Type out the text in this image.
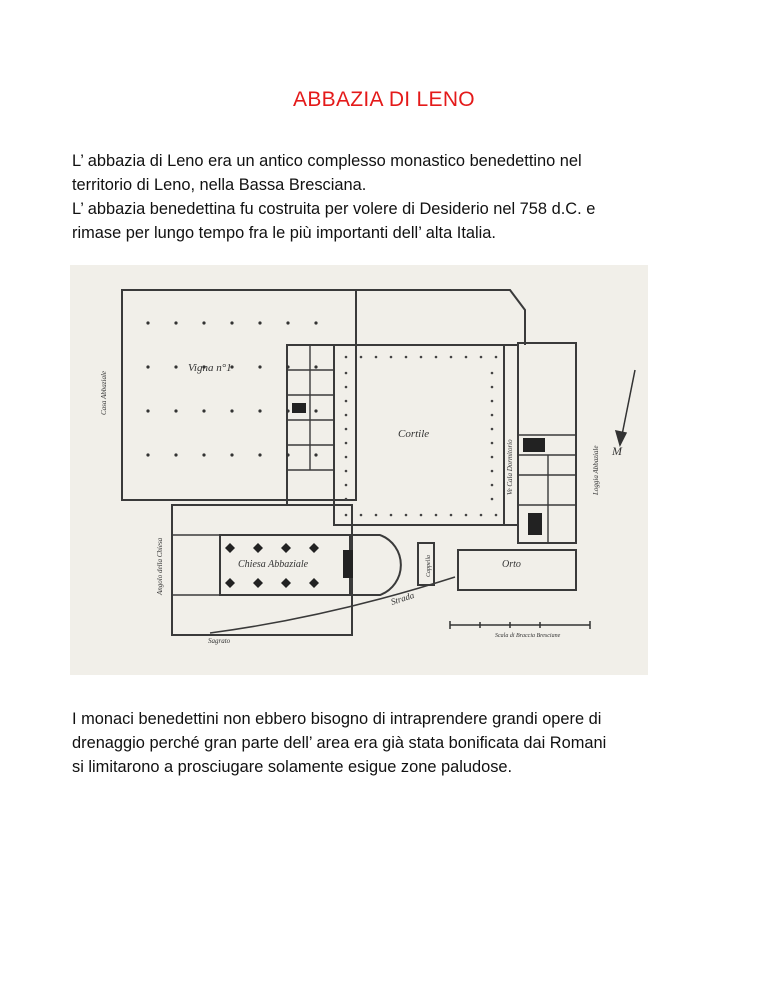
ABBAZIA DI LENO

L’ abbazia di Leno era un antico complesso monastico benedettino nel
territorio di Leno, nella Bassa Bresciana.
L’ abbazia benedettina fu costruita per volere di Desiderio nel 758 d.C. e
rimase per lungo tempo fra le più importanti dell’ alta Italia.

Vigna n°1
Cortile
Chiesa Abbaziale	Orto
Strada
M
Casa Abbaziale
Ve Cala Dormitorio	Loggia Abbaziale
Angolo della Chiesa
Sagrato
Cappella
Scala di Braccia Bresciane

I monaci benedettini non ebbero bisogno di intraprendere grandi opere di
drenaggio perché gran parte dell’ area era già stata bonificata dai Romani
si limitarono a prosciugare solamente esigue zone paludose.
